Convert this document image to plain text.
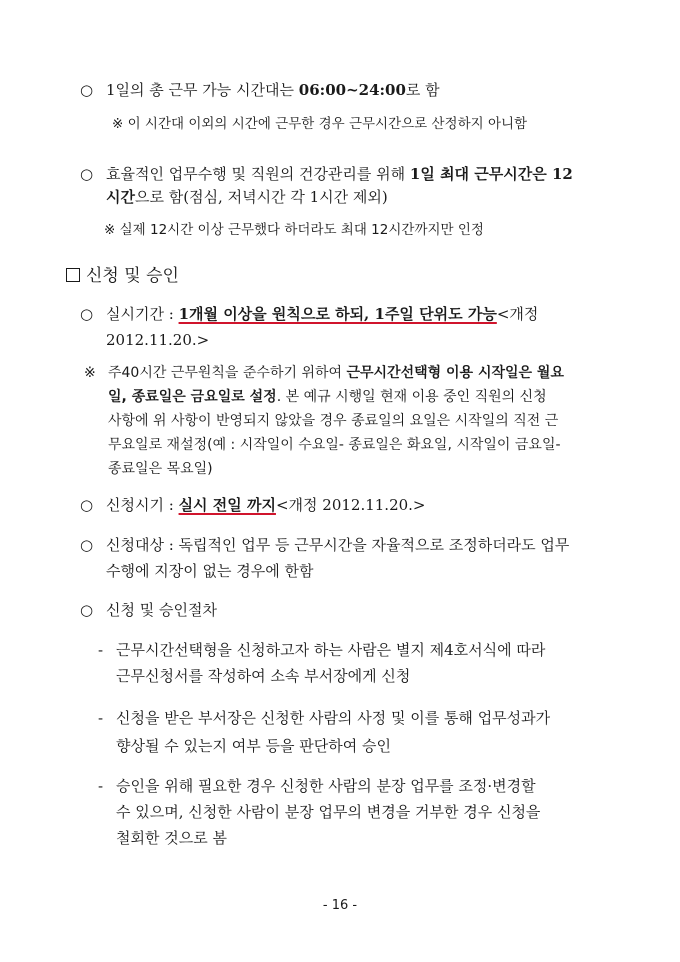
○ 1일의 총 근무 가능 시간대는 06:00~24:00로 함
※ 이 시간대 이외의 시간에 근무한 경우 근무시간으로 산정하지 아니함
○ 효율적인 업무수행 및 직원의 건강관리를 위해 1일 최대 근무시간은 12
시간으로 함(점심, 저녁시간 각 1시간 제외)
※ 실제 12시간 이상 근무했다 하더라도 최대 12시간까지만 인정
신청 및 승인
○ 실시기간 : 1개월 이상을 원칙으로 하되, 1주일 단위도 가능<개정
2012.11.20.>
※ 주40시간 근무원칙을 준수하기 위하여 근무시간선택형 이용 시작일은 월요
일, 종료일은 금요일로 설정. 본 예규 시행일 현재 이용 중인 직원의 신청
사항에 위 사항이 반영되지 않았을 경우 종료일의 요일은 시작일의 직전 근
무요일로 재설정(예 : 시작일이 수요일- 종료일은 화요일, 시작일이 금요일-
종료일은 목요일)
○ 신청시기 : 실시 전일 까지<개정 2012.11.20.>
○ 신청대상 : 독립적인 업무 등 근무시간을 자율적으로 조정하더라도 업무
수행에 지장이 없는 경우에 한함
○ 신청 및 승인절차
- 근무시간선택형을 신청하고자 하는 사람은 별지 제4호서식에 따라
근무신청서를 작성하여 소속 부서장에게 신청
- 신청을 받은 부서장은 신청한 사람의 사정 및 이를 통해 업무성과가
향상될 수 있는지 여부 등을 판단하여 승인
- 승인을 위해 필요한 경우 신청한 사람의 분장 업무를 조정·변경할
수 있으며, 신청한 사람이 분장 업무의 변경을 거부한 경우 신청을
철회한 것으로 봄
- 16 -
